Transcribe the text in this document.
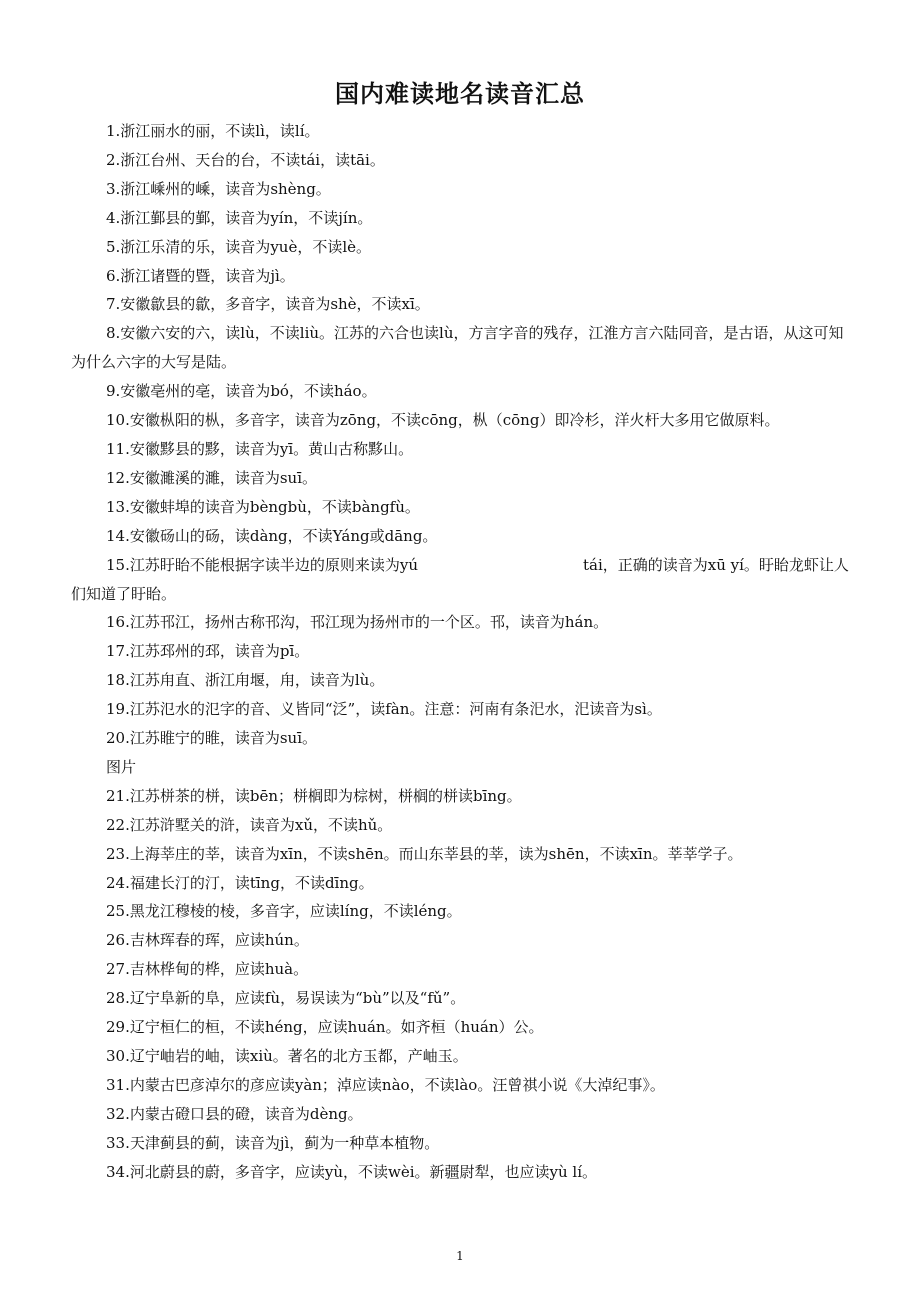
国内难读地名读音汇总

1.浙江丽水的丽，不读lì，读lí。

2.浙江台州、天台的台，不读tái，读tāi。

3.浙江嵊州的嵊，读音为shèng。

4.浙江鄞县的鄞，读音为yín，不读jín。

5.浙江乐清的乐，读音为yuè，不读lè。

6.浙江诸暨的暨，读音为jì。

7.安徽歙县的歙，多音字，读音为shè，不读xī。

8.安徽六安的六，读lù，不读liù。江苏的六合也读lù，方言字音的残存，江淮方言六陆同音，是古语，从这可知为什么六字的大写是陆。

9.安徽亳州的亳，读音为bó，不读háo。

10.安徽枞阳的枞，多音字，读音为zōng，不读cōng，枞（cōng）即冷杉，洋火杆大多用它做原料。

11.安徽黟县的黟，读音为yī。黄山古称黟山。

12.安徽濉溪的濉，读音为suī。

13.安徽蚌埠的读音为bèngbù，不读bàngfù。

14.安徽砀山的砀，读dàng，不读Yáng或dāng。

15.江苏盱眙不能根据字读半边的原则来读为yú　　　　　　　　　　　tái，正确的读音为xū yí。盱眙龙虾让人们知道了盱眙。

16.江苏邗江，扬州古称邗沟，邗江现为扬州市的一个区。邗，读音为hán。

17.江苏邳州的邳，读音为pī。

18.江苏甪直、浙江甪堰，甪，读音为lù。

19.江苏氾水的氾字的音、义皆同“泛”，读fàn。注意：河南有条汜水，汜读音为sì。

20.江苏睢宁的睢，读音为suī。

图片

21.江苏栟茶的栟，读bēn；栟榈即为棕树，栟榈的栟读bīng。

22.江苏浒墅关的浒，读音为xǔ，不读hǔ。

23.上海莘庄的莘，读音为xīn，不读shēn。而山东莘县的莘，读为shēn，不读xīn。莘莘学子。

24.福建长汀的汀，读tīng，不读dīng。

25.黑龙江穆棱的棱，多音字，应读líng，不读léng。

26.吉林珲春的珲，应读hún。

27.吉林桦甸的桦，应读huà。

28.辽宁阜新的阜，应读fù，易误读为“bù”以及“fǔ”。

29.辽宁桓仁的桓，不读héng，应读huán。如齐桓（huán）公。

30.辽宁岫岩的岫，读xiù。著名的北方玉都，产岫玉。

31.内蒙古巴彦淖尔的彦应读yàn；淖应读nào，不读lào。汪曾祺小说《大淖纪事》。

32.内蒙古磴口县的磴，读音为dèng。

33.天津蓟县的蓟，读音为jì，蓟为一种草本植物。

34.河北蔚县的蔚，多音字，应读yù，不读wèi。新疆尉犁，也应读yù lí。

1
